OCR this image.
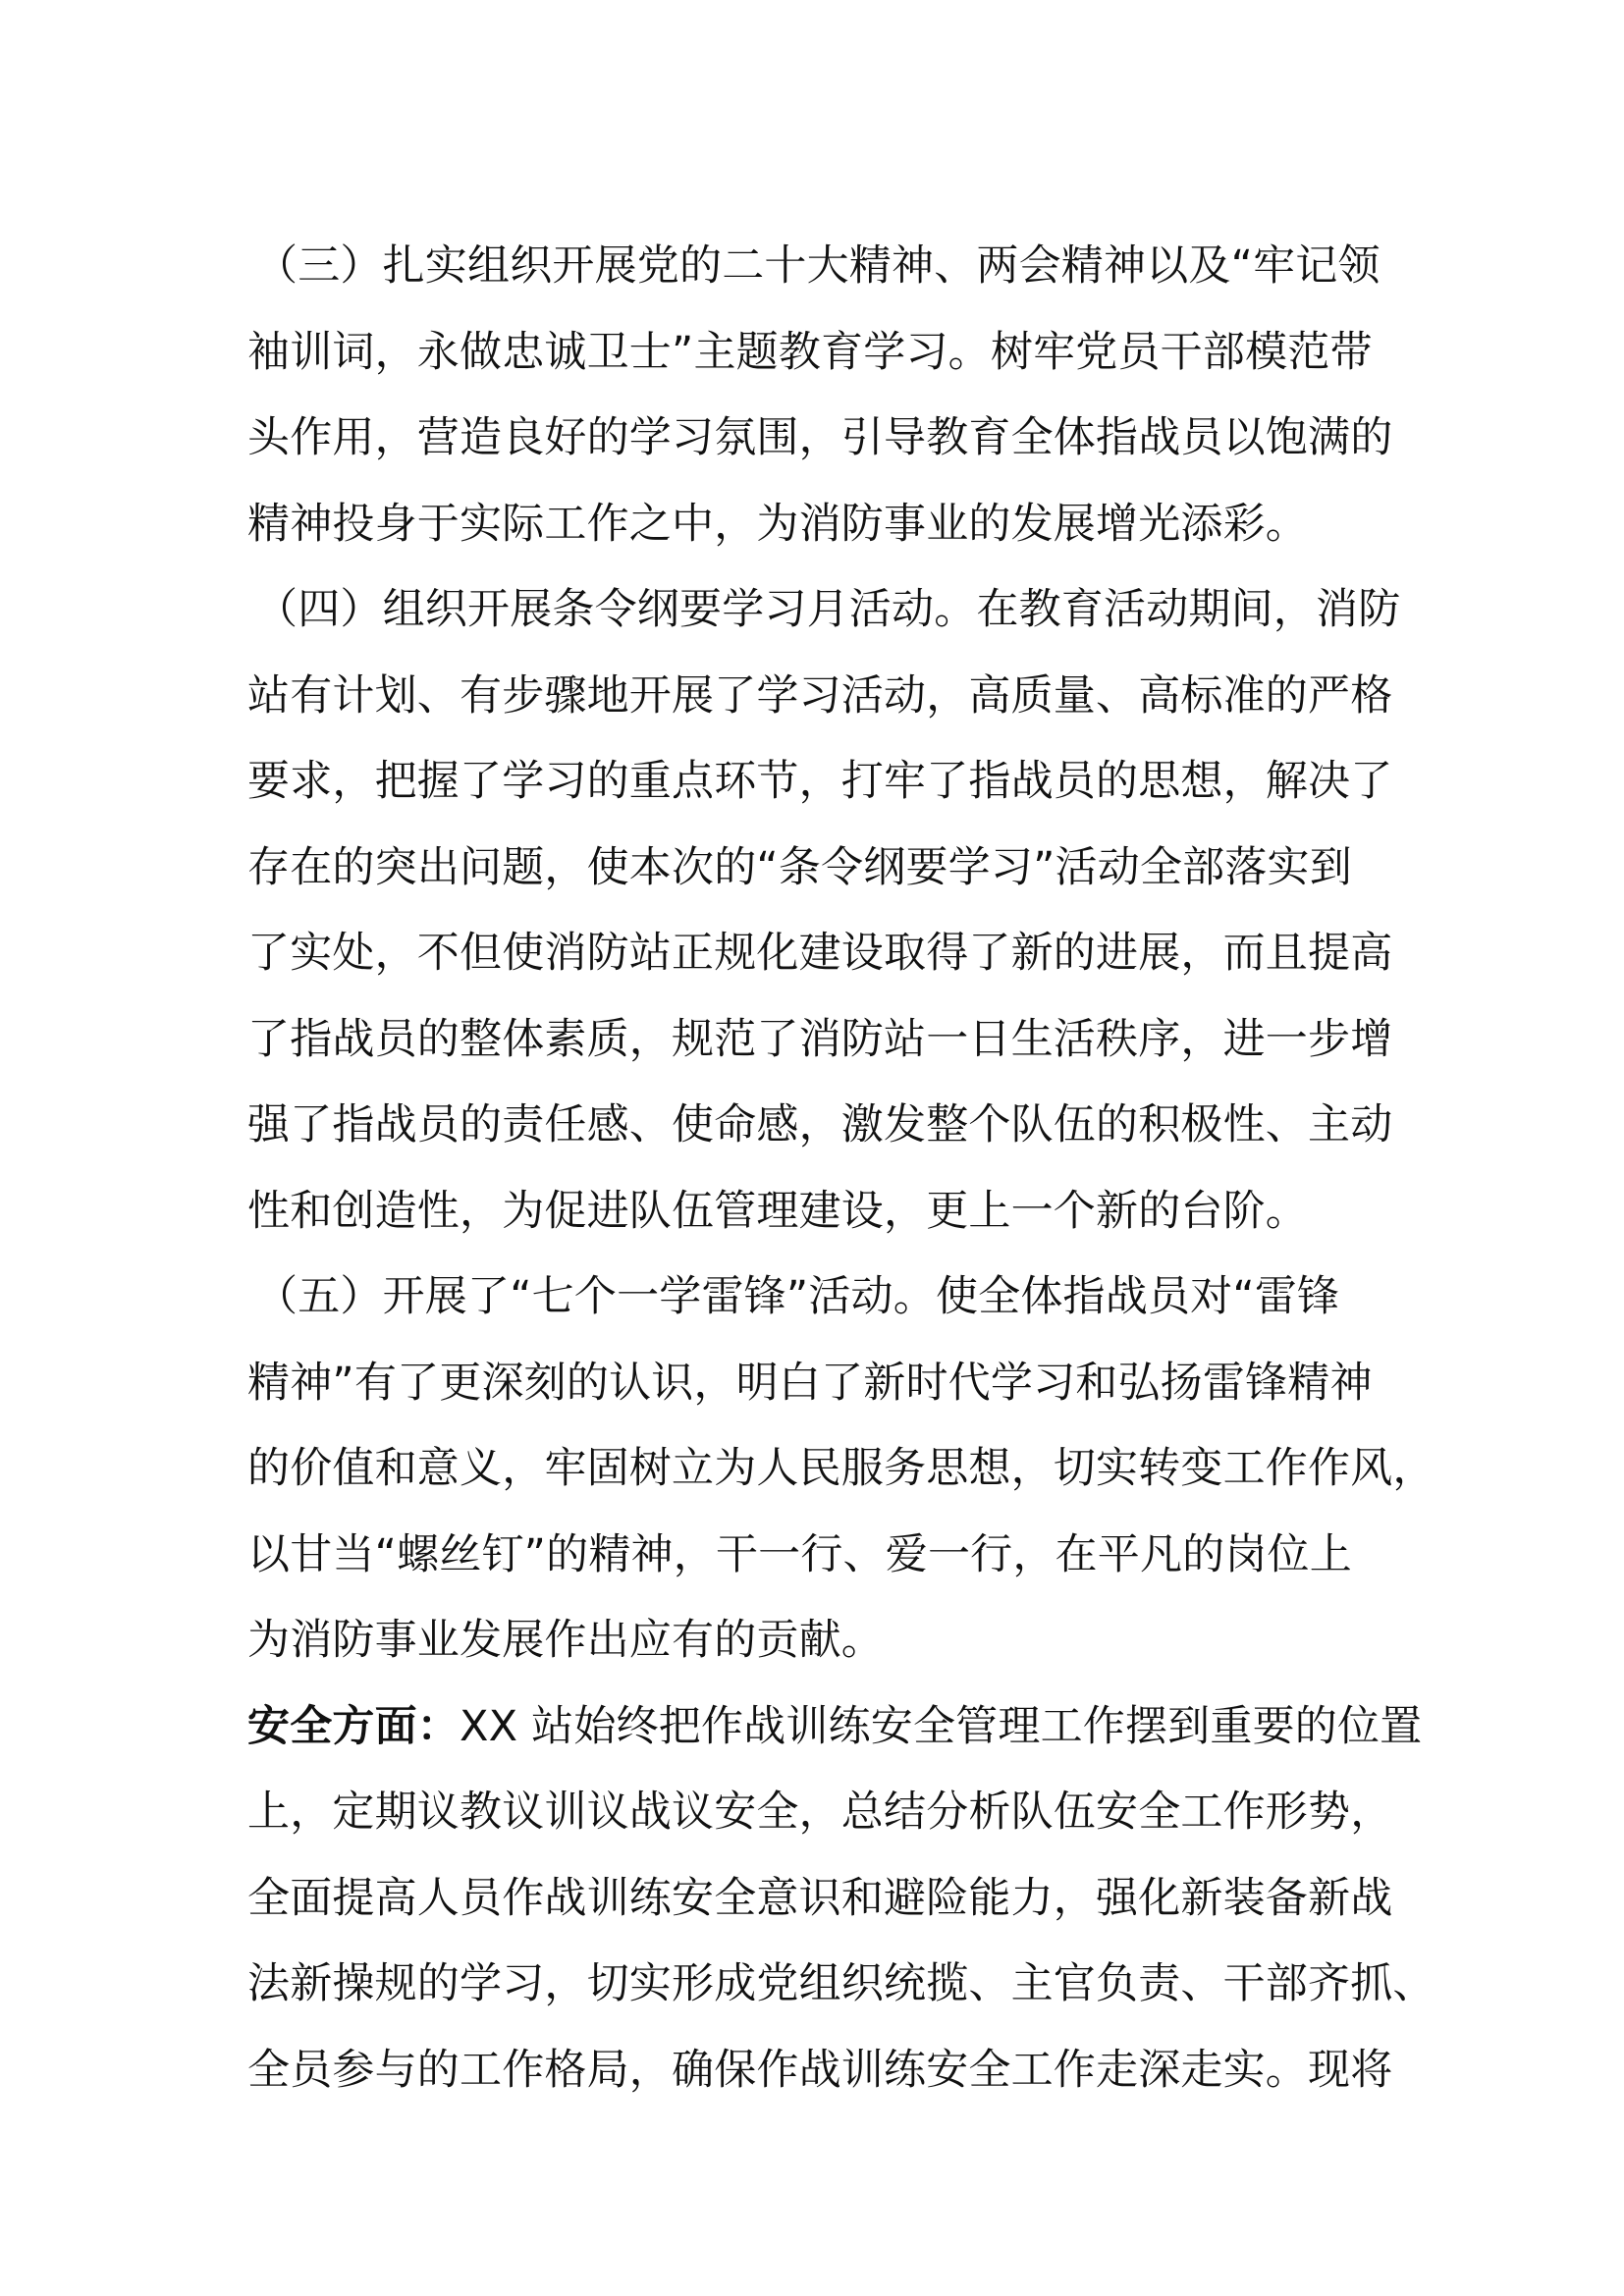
（三）扎实组织开展党的二十大精神、两会精神以及“牢记领
袖训词，永做忠诚卫士”主题教育学习。树牢党员干部模范带
头作用，营造良好的学习氛围，引导教育全体指战员以饱满的
精神投身于实际工作之中，为消防事业的发展增光添彩。
（四）组织开展条令纲要学习月活动。在教育活动期间，消防
站有计划、有步骤地开展了学习活动，高质量、高标准的严格
要求，把握了学习的重点环节，打牢了指战员的思想，解决了
存在的突出问题，使本次的“条令纲要学习”活动全部落实到
了实处，不但使消防站正规化建设取得了新的进展，而且提高
了指战员的整体素质，规范了消防站一日生活秩序，进一步增
强了指战员的责任感、使命感，激发整个队伍的积极性、主动
性和创造性，为促进队伍管理建设，更上一个新的台阶。
（五）开展了“七个一学雷锋”活动。使全体指战员对“雷锋
精神”有了更深刻的认识，明白了新时代学习和弘扬雷锋精神
的价值和意义，牢固树立为人民服务思想，切实转变工作作风，
以甘当“螺丝钉”的精神，干一行、爱一行，在平凡的岗位上
为消防事业发展作出应有的贡献。
安全方面：XX 站始终把作战训练安全管理工作摆到重要的位置
上，定期议教议训议战议安全，总结分析队伍安全工作形势，
全面提高人员作战训练安全意识和避险能力，强化新装备新战
法新操规的学习，切实形成党组织统揽、主官负责、干部齐抓、
全员参与的工作格局，确保作战训练安全工作走深走实。现将
